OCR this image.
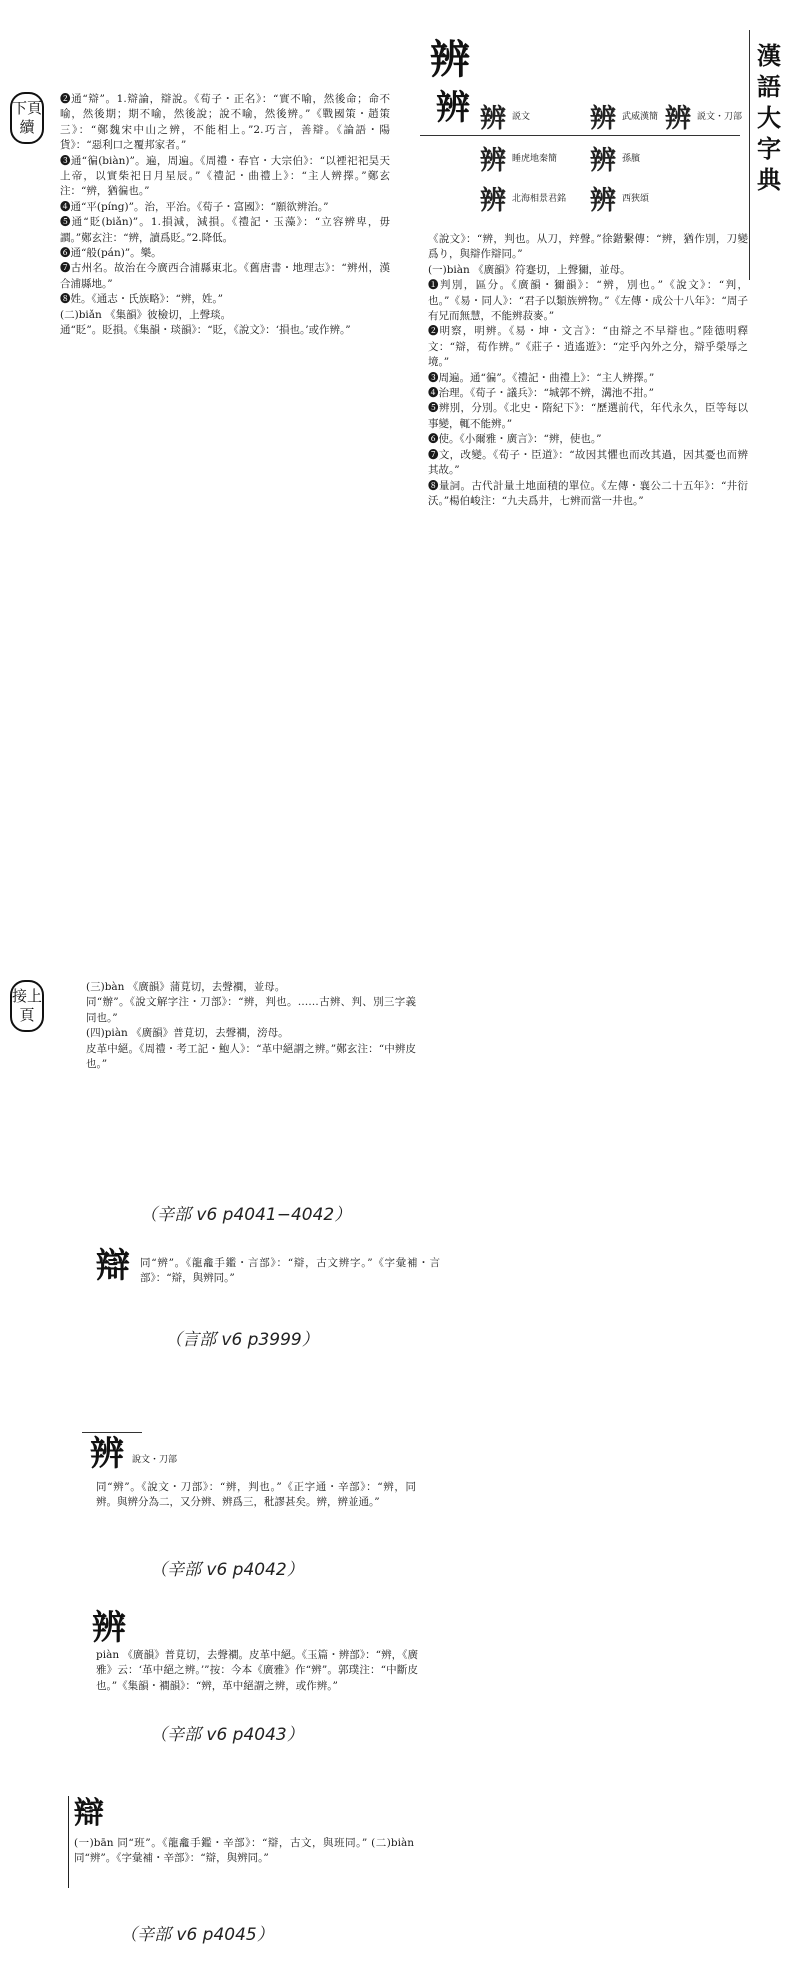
漢語大字典
辨
辨 辨説文 辨武威漢簡 辨説文・刀部
辨睡虎地秦簡 辨孫臏
辨北海相景君銘 辨西狹頌
下頁續
接上頁

❷通“辯”。1.辯論，辯說。《荀子・正名》：“實不喻，然後命；命不喻，然後期；期不喻，然後說；說不喻，然後辨。”《戰國策・趙策三》：“鄭魏宋中山之辨，不能相上。”2.巧言，善辯。《論語・陽貨》：“惡利口之覆邦家者。”

❸通“徧(biàn)”。遍，周遍。《周禮・春官・大宗伯》：“以禋祀祀昊天上帝，以實柴祀日月星辰。”《禮記・曲禮上》：“主人辨擇。”鄭玄注：“辨，猶徧也。”

❹通“平(píng)”。治，平治。《荀子・富國》：“願欲辨治。”

❺通“貶(biǎn)”。1.損減，減損。《禮記・玉藻》：“立容辨卑，毋讇。”鄭玄注：“辨，讀爲貶。”2.降低。

❻通“般(pán)”。樂。

❼古州名。故治在今廣西合浦縣東北。《舊唐書・地理志》：“辨州，漢合浦縣地。”

❽姓。《通志・氏族略》：“辨，姓。”

(二)biǎn 《集韻》彼檢切，上聲琰。

通“貶”。貶損。《集韻・琰韻》：“貶，《說文》：‘損也。’或作辨。”

(三)bàn 《廣韻》蒲莧切，去聲襇，並母。

同“辦”。《說文解字注・刀部》：“辨，判也。……古辨、判、別三字義同也。”

(四)piàn 《廣韻》普莧切，去聲襇，滂母。

皮革中絕。《周禮・考工記・鮑人》：“革中絕謂之辨。”鄭玄注：“中辨皮也。”

（辛部 v6 p4041−4042）

《說文》：“辨，判也。从刀，辡聲。”徐鍇繫傳：“辨，猶作別，刀變爲り，與辯作辯同。”

(一)biàn 《廣韻》符蹇切，上聲獮，並母。

❶判別，區分。《廣韻・獮韻》：“辨，別也。”《說文》：“判，也。”《易・同人》：“君子以類族辨物。”《左傳・成公十八年》：“周子有兄而無慧，不能辨菽麥。”

❷明察，明辨。《易・坤・文言》：“由辯之不早辯也。”陸德明釋文：“辯，荀作辨。”《莊子・逍遙遊》：“定乎內外之分，辯乎榮辱之境。”

❸周遍。通“徧”。《禮記・曲禮上》：“主人辨擇。”

❹治理。《荀子・議兵》：“城郭不辨，溝池不拑。”

❺辨別，分別。《北史・隋紀下》：“歷選前代，年代永久，臣等每以事變，輒不能辨。”

❻使。《小爾雅・廣言》：“辨，使也。”

❼文，改變。《荀子・臣道》：“故因其懼也而改其過，因其憂也而辨其故。”

❽量詞。古代計量土地面積的單位。《左傳・襄公二十五年》：“井衍沃。”楊伯峻注：“九夫爲井，七辨而當一井也。”

辯 同“辨”。《龍龕手鑑・言部》：“辯，古文辨字。”《字彙補・言部》：“辯，與辨同。”
（言部 v6 p3999）
辨 說文・刀部
同“辨”。《說文・刀部》：“辨，判也。”《正字通・辛部》：“辨，同辨。與辨分為二，又分辨、辨爲三，秕謬甚矣。辨，辨並通。”
（辛部 v6 p4042）
辨
piàn 《廣韻》普莧切，去聲襇。皮革中絕。《玉篇・辨部》：“辨，《廣雅》云：‘革中絕之辨。’”按：今本《廣雅》作“辨”。郭璞注：“中斷皮也。”《集韻・襇韻》：“辨，革中絕謂之辨，或作辨。”
（辛部 v6 p4043）
辯
(一)bān 同“班”。《龍龕手鑑・辛部》：“辯，古文，與班同。” (二)biàn 同“辨”。《字彙補・辛部》：“辯，與辨同。”
（辛部 v6 p4045）
